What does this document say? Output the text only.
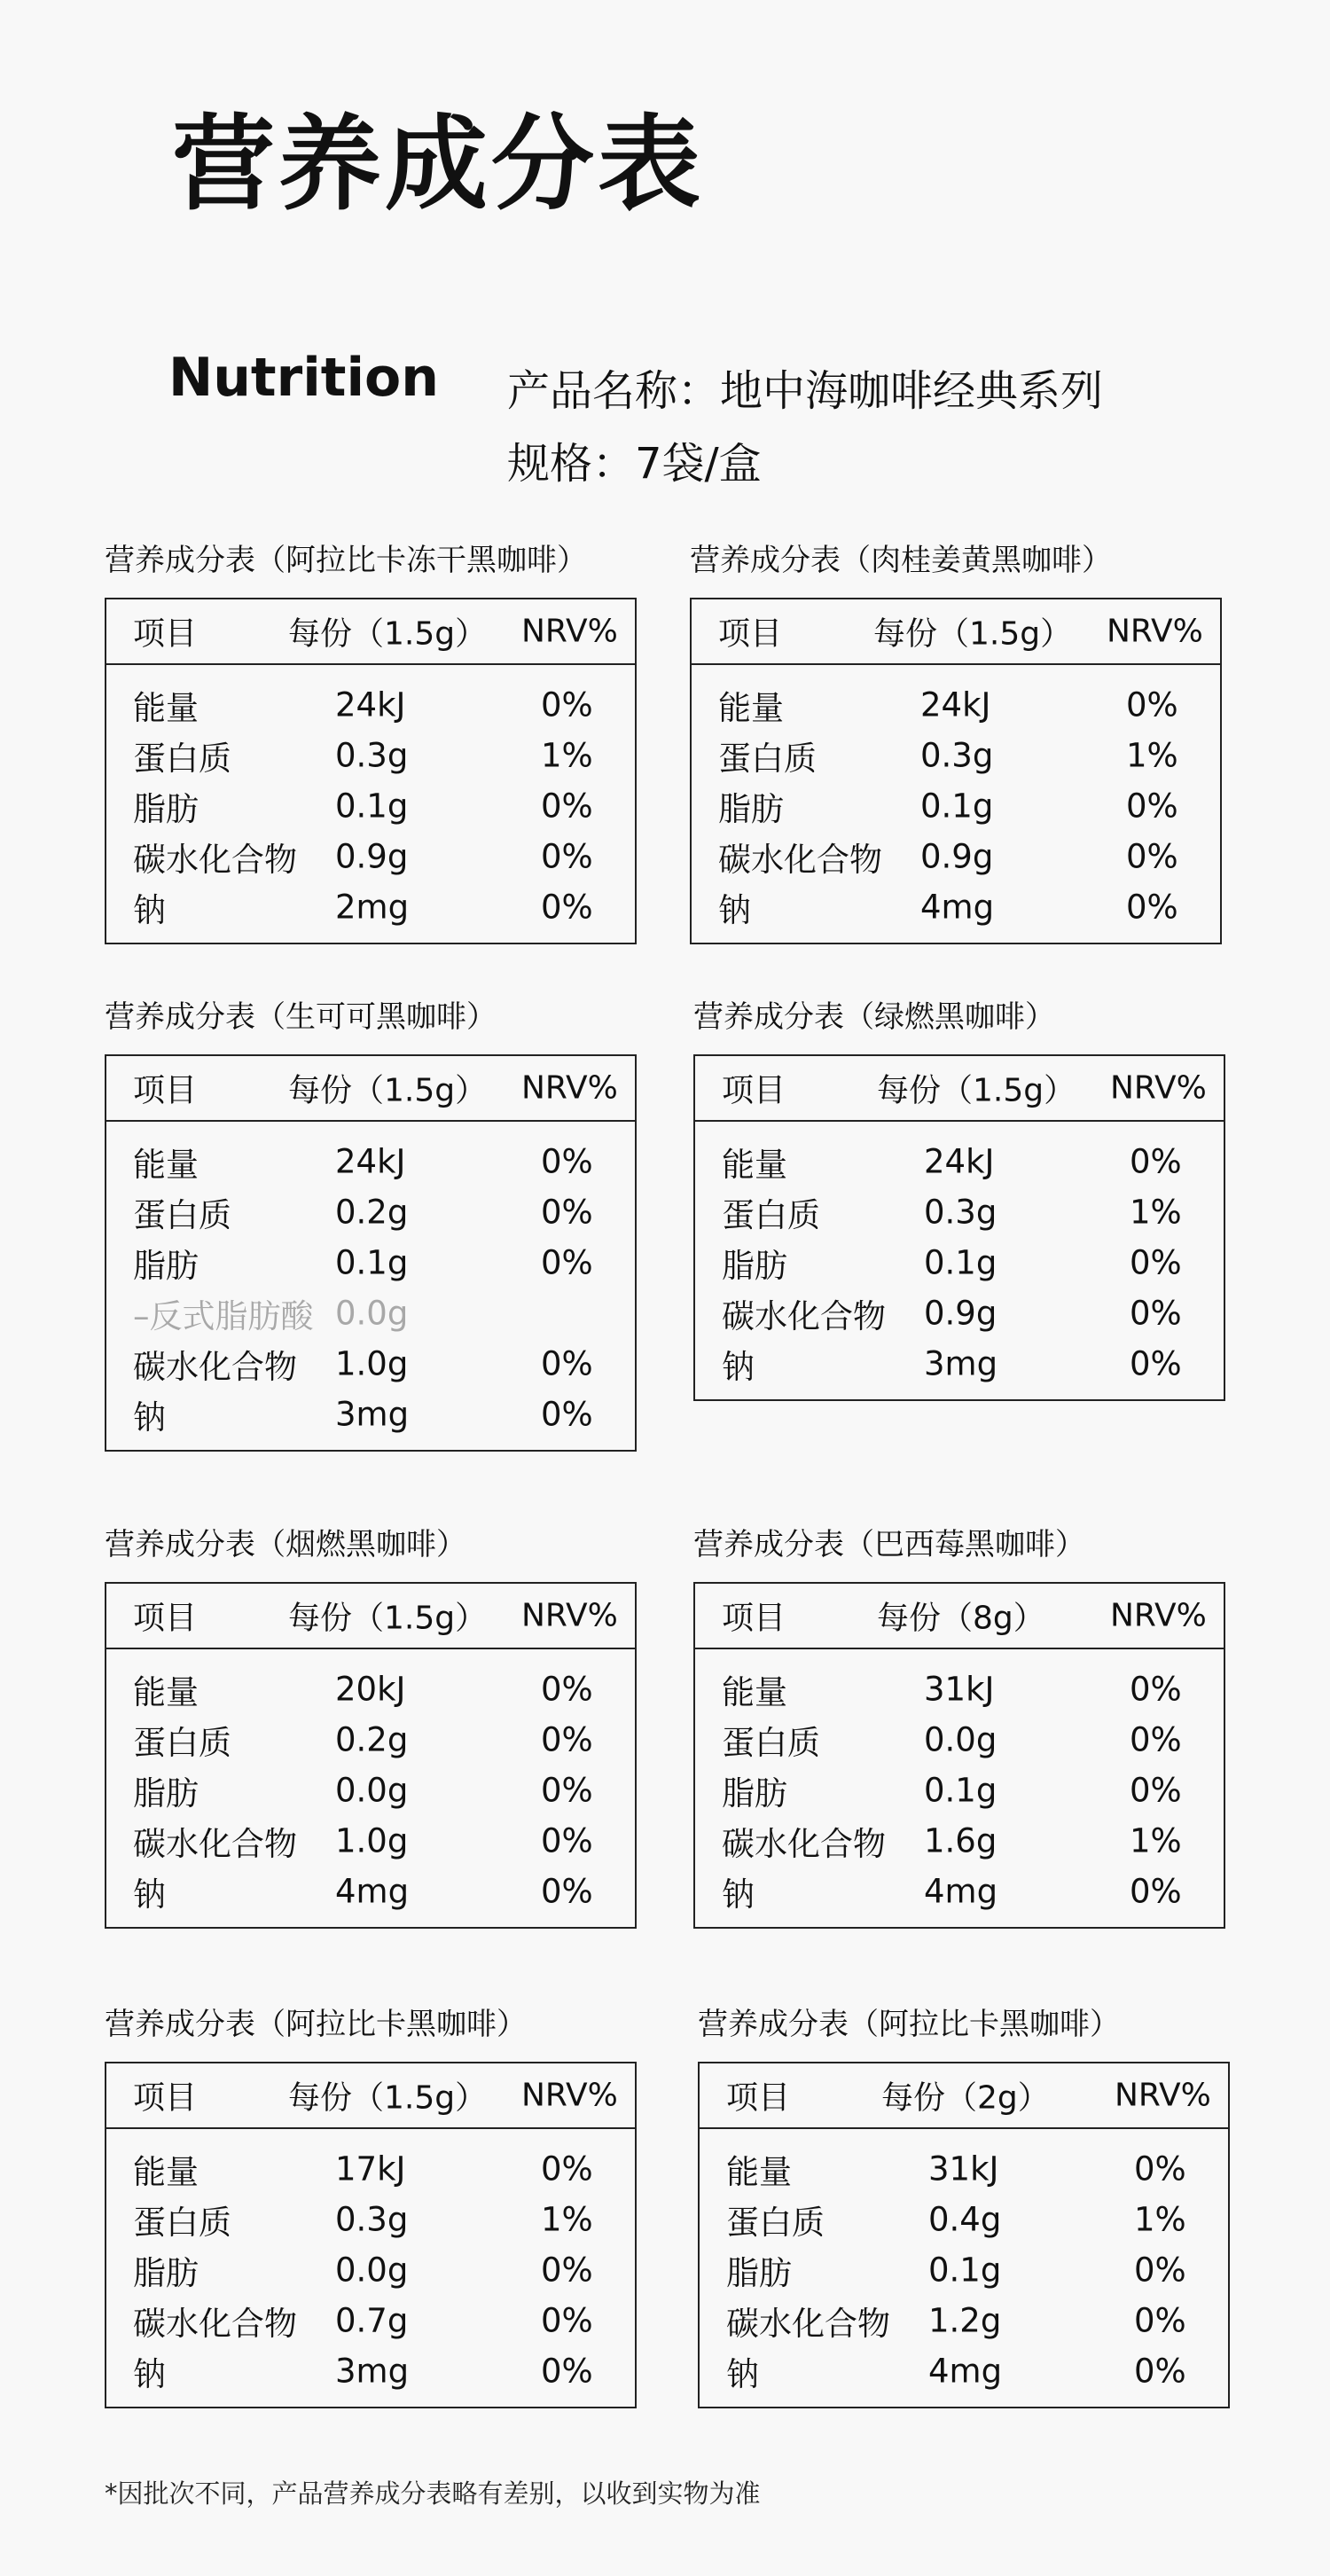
营养成分表
Nutrition 产品名称：地中海咖啡经典系列
规格：7袋/盒
营养成分表（阿拉比卡冻干黑咖啡）
项目	每份（1.5g） NRV%
能量	24kJ	0%
蛋白质	0.3g	1%
脂肪	0.1g	0%
碳水化合物 0.9g	0%
钠	2mg	0%
营养成分表（肉桂姜黄黑咖啡）
项目	每份（1.5g） NRV%
能量	24kJ	0%
蛋白质	0.3g	1%
脂肪	0.1g	0%
碳水化合物 0.9g	0%
钠	4mg	0%
营养成分表（生可可黑咖啡）
项目	每份（1.5g） NRV%
能量	24kJ	0%
蛋白质	0.2g	0%
脂肪	0.1g	0%
–反式脂肪酸 0.0g
碳水化合物 1.0g	0%
钠	3mg	0%
营养成分表（绿燃黑咖啡）
项目	每份（1.5g） NRV%
能量	24kJ	0%
蛋白质	0.3g	1%
脂肪	0.1g	0%
碳水化合物 0.9g	0%
钠	3mg	0%
营养成分表（烟燃黑咖啡）
项目	每份（1.5g） NRV%
能量	20kJ	0%
蛋白质	0.2g	0%
脂肪	0.0g	0%
碳水化合物 1.0g	0%
钠	4mg	0%
营养成分表（巴西莓黑咖啡）
项目	每份（8g） NRV%
能量	31kJ	0%
蛋白质	0.0g	0%
脂肪	0.1g	0%
碳水化合物 1.6g	1%
钠	4mg	0%
营养成分表（阿拉比卡黑咖啡）
项目	每份（1.5g） NRV%
能量	17kJ	0%
蛋白质	0.3g	1%
脂肪	0.0g	0%
碳水化合物 0.7g	0%
钠	3mg	0%
营养成分表（阿拉比卡黑咖啡）
项目	每份（2g） NRV%
能量	31kJ	0%
蛋白质	0.4g	1%
脂肪	0.1g	0%
碳水化合物 1.2g	0%
钠	4mg	0%
*因批次不同，产品营养成分表略有差别，以收到实物为准
